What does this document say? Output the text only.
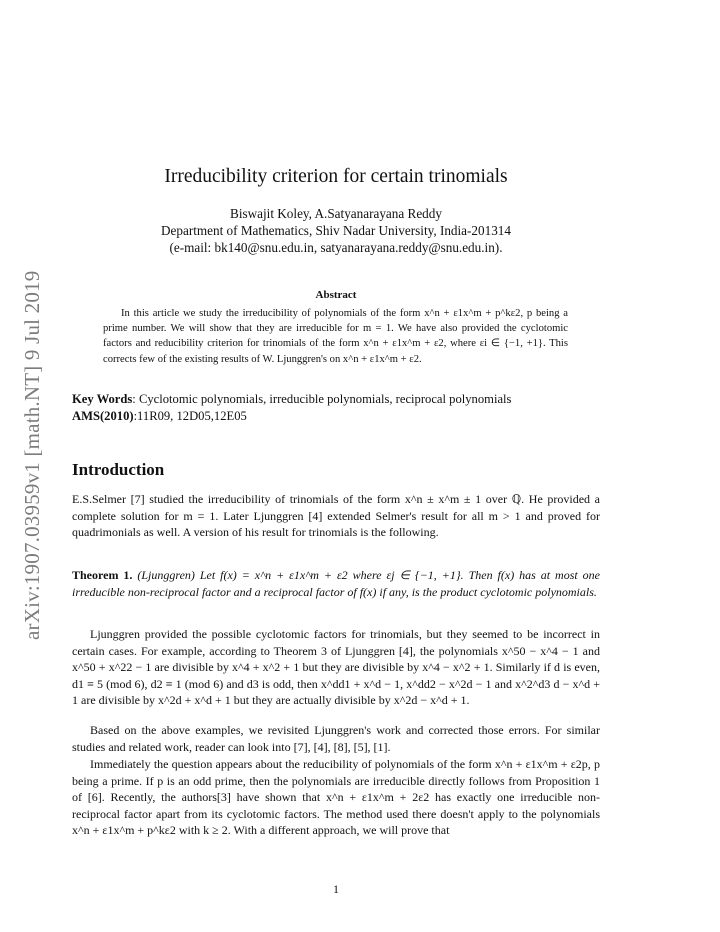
arXiv:1907.03959v1 [math.NT] 9 Jul 2019
Irreducibility criterion for certain trinomials
Biswajit Koley, A.Satyanarayana Reddy
Department of Mathematics, Shiv Nadar University, India-201314
(e-mail: bk140@snu.edu.in, satyanarayana.reddy@snu.edu.in).
Abstract

In this article we study the irreducibility of polynomials of the form x^n + ε1x^m + p^kε2, p being a prime number. We will show that they are irreducible for m = 1. We have also provided the cyclotomic factors and reducibility criterion for trinomials of the form x^n + ε1x^m + ε2, where εi ∈ {−1, +1}. This corrects few of the existing results of W. Ljunggren's on x^n + ε1x^m + ε2.

Key Words: Cyclotomic polynomials, irreducible polynomials, reciprocal polynomials
AMS(2010):11R09, 12D05,12E05
Introduction

E.S.Selmer [7] studied the irreducibility of trinomials of the form x^n ± x^m ± 1 over ℚ. He provided a complete solution for m = 1. Later Ljunggren [4] extended Selmer's result for all m > 1 and proved for quadrimonials as well. A version of his result for trinomials is the following.

Theorem 1. (Ljunggren) Let f(x) = x^n + ε1x^m + ε2 where εj ∈ {−1, +1}. Then f(x) has at most one irreducible non-reciprocal factor and a reciprocal factor of f(x) if any, is the product cyclotomic polynomials.

Ljunggren provided the possible cyclotomic factors for trinomials, but they seemed to be incorrect in certain cases. For example, according to Theorem 3 of Ljunggren [4], the polynomials x^50 − x^4 − 1 and x^50 + x^22 − 1 are divisible by x^4 + x^2 + 1 but they are divisible by x^4 − x^2 + 1. Similarly if d is even, d1 ≡ 5 (mod 6), d2 ≡ 1 (mod 6) and d3 is odd, then x^dd1 + x^d − 1, x^dd2 − x^2d − 1 and x^2^d3 d − x^d + 1 are divisible by x^2d + x^d + 1 but they are actually divisible by x^2d − x^d + 1.

Based on the above examples, we revisited Ljunggren's work and corrected those errors. For similar studies and related work, reader can look into [7], [4], [8], [5], [1].

Immediately the question appears about the reducibility of polynomials of the form x^n + ε1x^m + ε2p, p being a prime. If p is an odd prime, then the polynomials are irreducible directly follows from Proposition 1 of [6]. Recently, the authors[3] have shown that x^n + ε1x^m + 2ε2 has exactly one irreducible non-reciprocal factor apart from its cyclotomic factors. The method used there doesn't apply to the polynomials x^n + ε1x^m + p^kε2 with k ≥ 2. With a different approach, we will prove that

1
